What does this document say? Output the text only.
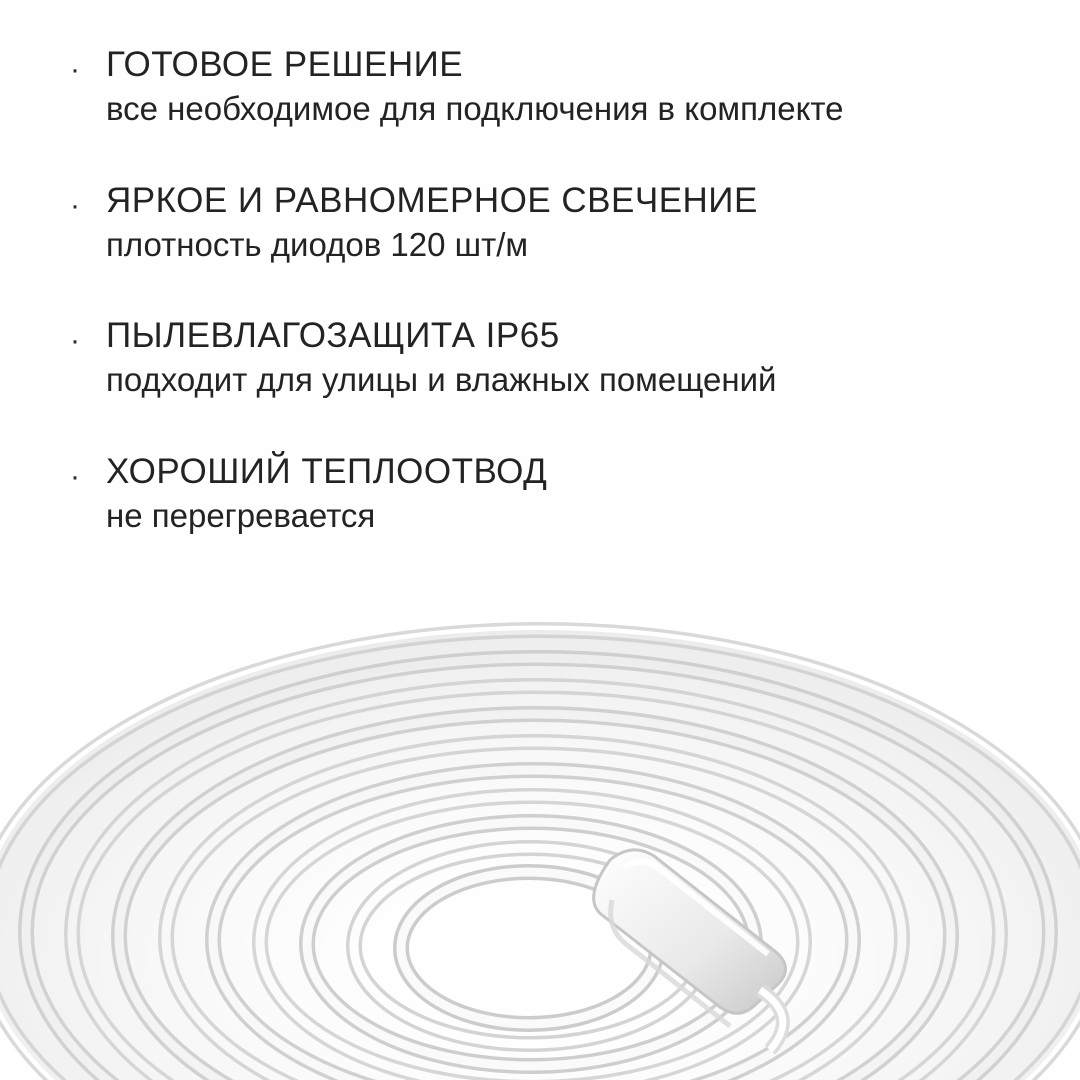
· ГОТОВОЕ РЕШЕНИЕ
все необходимое для подключения в комплекте
· ЯРКОЕ И РАВНОМЕРНОЕ СВЕЧЕНИЕ
плотность диодов 120 шт/м
· ПЫЛЕВЛАГОЗАЩИТА IP65
подходит для улицы и влажных помещений
· ХОРОШИЙ ТЕПЛООТВОД
не перегревается
